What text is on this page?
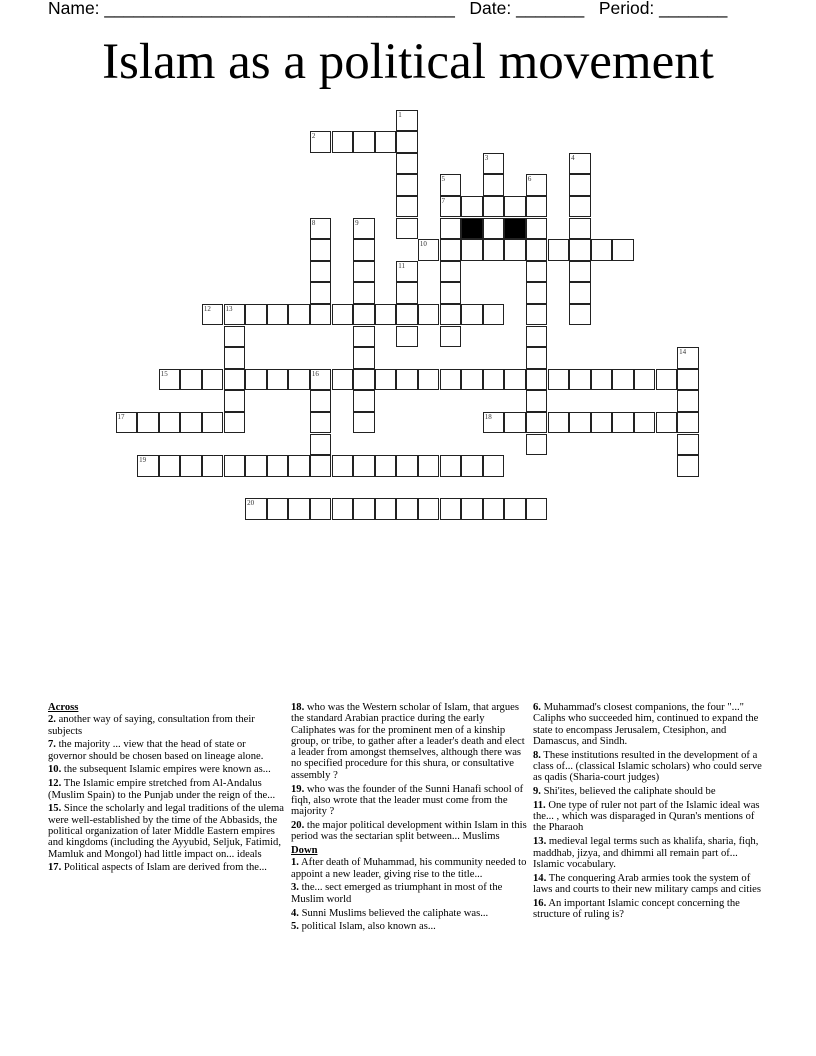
Name: ____________________________________ Date: _______ Period: _______
Islam as a political movement
1
2
3	4
5
7
6
8	9
10
11
12 13
14
15	16
17	18
19
20
Across
2. another way of saying, consultation from their subjects
7. the majority ... view that the head of state or governor should be chosen based on lineage alone.
10. the subsequent Islamic empires were known as...
12. The Islamic empire stretched from Al-Andalus (Muslim Spain) to the Punjab under the reign of the...
15. Since the scholarly and legal traditions of the ulema were well-established by the time of the Abbasids, the political organization of later Middle Eastern empires and kingdoms (including the Ayyubid, Seljuk, Fatimid, Mamluk and Mongol) had little impact on... ideals
17. Political aspects of Islam are derived from the...
18. who was the Western scholar of Islam, that argues the standard Arabian practice during the early Caliphates was for the prominent men of a kinship group, or tribe, to gather after a leader's death and elect a leader from amongst themselves, although there was no specified procedure for this shura, or consultative assembly ?
19. who was the founder of the Sunni Hanafi school of fiqh, also wrote that the leader must come from the majority ?
20. the major political development within Islam in this period was the sectarian split between... Muslims
Down
1. After death of Muhammad, his community needed to appoint a new leader, giving rise to the title...
3. the... sect emerged as triumphant in most of the Muslim world
4. Sunni Muslims believed the caliphate was...
5. political Islam, also known as...
6. Muhammad's closest companions, the four "..." Caliphs who succeeded him, continued to expand the state to encompass Jerusalem, Ctesiphon, and Damascus, and Sindh.
8. These institutions resulted in the development of a class of... (classical Islamic scholars) who could serve as qadis (Sharia-court judges)
9. Shi'ites, believed the caliphate should be
11. One type of ruler not part of the Islamic ideal was the... , which was disparaged in Quran's mentions of the Pharaoh
13. medieval legal terms such as khalifa, sharia, fiqh, maddhab, jizya, and dhimmi all remain part of... Islamic vocabulary.
14. The conquering Arab armies took the system of laws and courts to their new military camps and cities
16. An important Islamic concept concerning the structure of ruling is?
